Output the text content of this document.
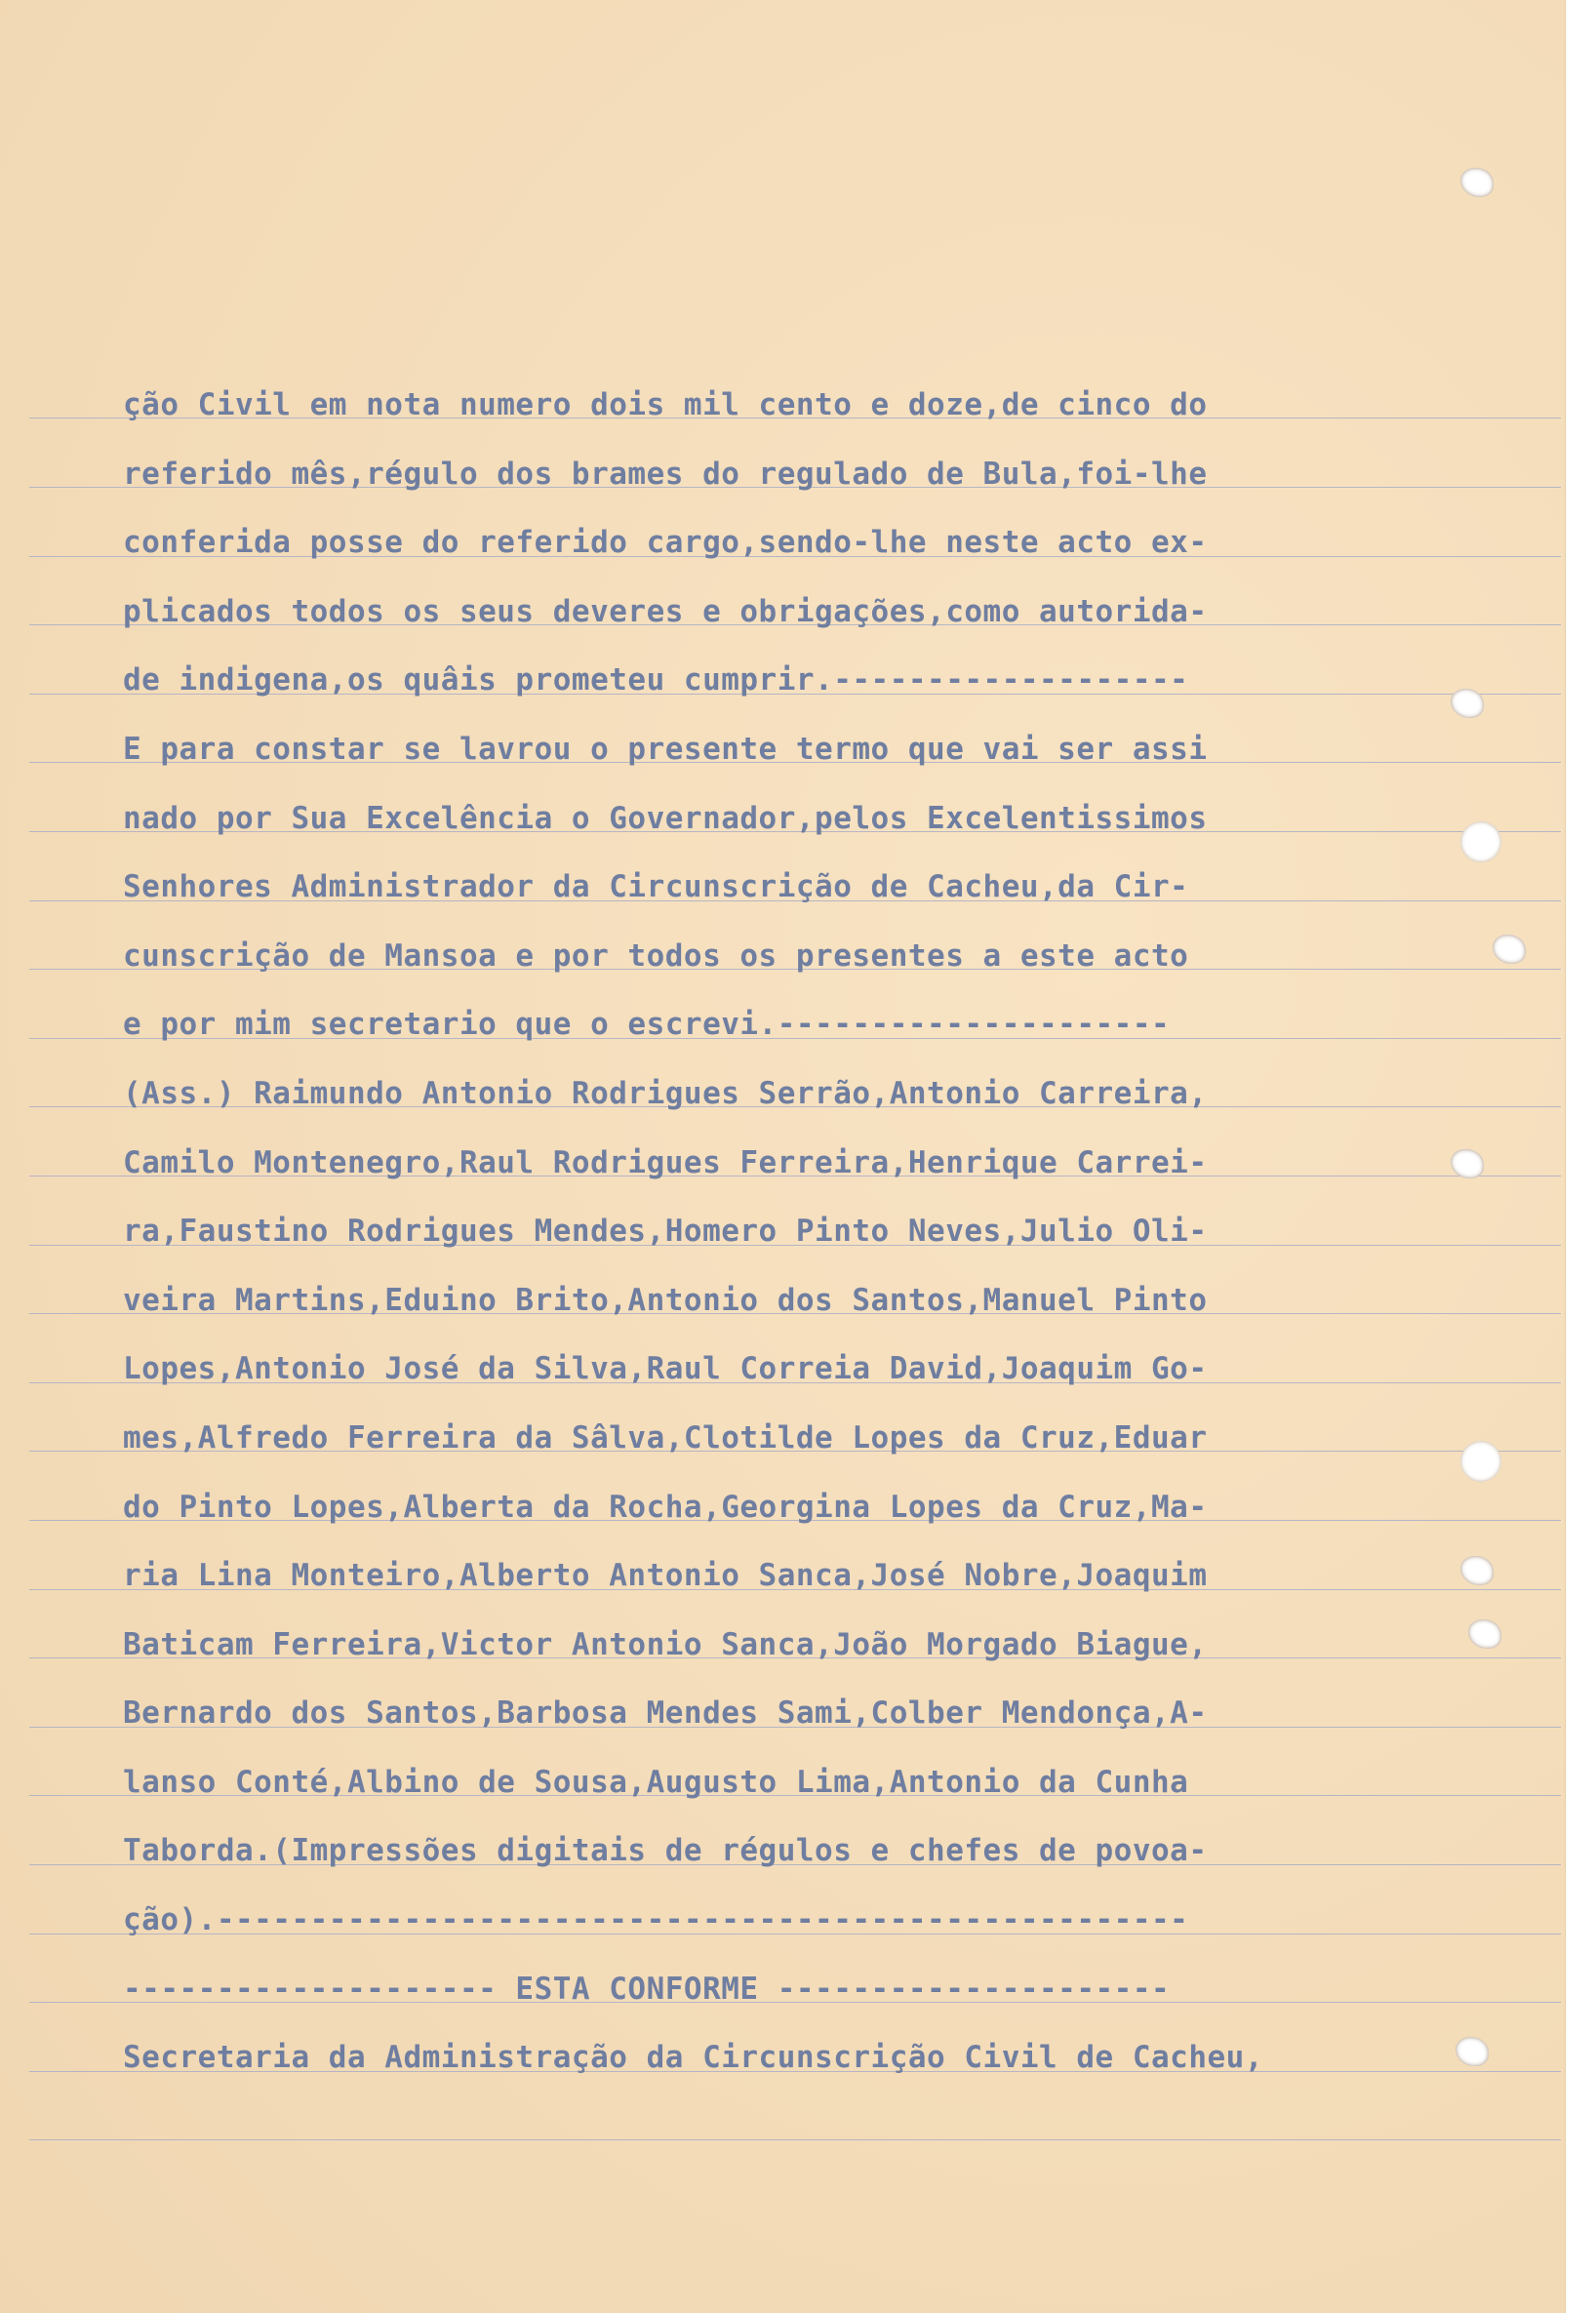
ção Civil em nota numero dois mil cento e doze,de cinco do
referido mês,régulo dos brames do regulado de Bula,foi-lhe
conferida posse do referido cargo,sendo-lhe neste acto ex-
plicados todos os seus deveres e obrigações,como autorida-
de indigena,os quâis prometeu cumprir.-------------------
E para constar se lavrou o presente termo que vai ser assi
nado por Sua Excelência o Governador,pelos Excelentissimos
Senhores Administrador da Circunscrição de Cacheu,da Cir-
cunscrição de Mansoa e por todos os presentes a este acto
e por mim secretario que o escrevi.---------------------
(Ass.) Raimundo Antonio Rodrigues Serrão,Antonio Carreira,
Camilo Montenegro,Raul Rodrigues Ferreira,Henrique Carrei-
ra,Faustino Rodrigues Mendes,Homero Pinto Neves,Julio Oli-
veira Martins,Eduino Brito,Antonio dos Santos,Manuel Pinto
Lopes,Antonio José da Silva,Raul Correia David,Joaquim Go-
mes,Alfredo Ferreira da Sâlva,Clotilde Lopes da Cruz,Eduar
do Pinto Lopes,Alberta da Rocha,Georgina Lopes da Cruz,Ma-
ria Lina Monteiro,Alberto Antonio Sanca,José Nobre,Joaquim
Baticam Ferreira,Victor Antonio Sanca,João Morgado Biague,
Bernardo dos Santos,Barbosa Mendes Sami,Colber Mendonça,A-
lanso Conté,Albino de Sousa,Augusto Lima,Antonio da Cunha
Taborda.(Impressões digitais de régulos e chefes de povoa-
ção).----------------------------------------------------
-------------------- ESTA CONFORME ---------------------
Secretaria da Administração da Circunscrição Civil de Cacheu,
